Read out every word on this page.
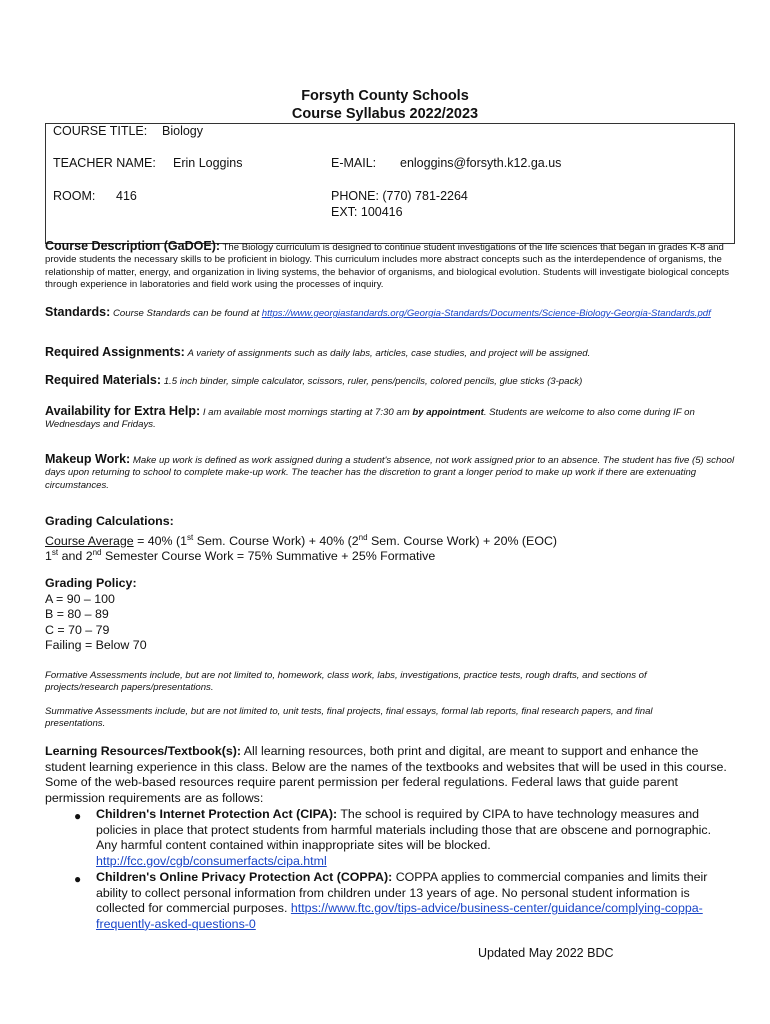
Forsyth County Schools
Course Syllabus 2022/2023
COURSE TITLE: Biology
TEACHER NAME: Erin Loggins	E-MAIL: enloggins@forsyth.k12.ga.us
ROOM: 416	PHONE: (770) 781-2264
EXT: 100416
Course Description (GaDOE): The Biology curriculum is designed to continue student investigations of the life sciences that began in grades K-8 and provide students the necessary skills to be proficient in biology. This curriculum includes more abstract concepts such as the interdependence of organisms, the relationship of matter, energy, and organization in living systems, the behavior of organisms, and biological evolution. Students will investigate biological concepts through experience in laboratories and field work using the processes of inquiry.
Standards: Course Standards can be found at https://www.georgiastandards.org/Georgia-Standards/Documents/Science-Biology-Georgia-Standards.pdf
Required Assignments: A variety of assignments such as daily labs, articles, case studies, and project will be assigned.
Required Materials: 1.5 inch binder, simple calculator, scissors, ruler, pens/pencils, colored pencils, glue sticks (3-pack)
Availability for Extra Help: I am available most mornings starting at 7:30 am by appointment. Students are welcome to also come during IF on Wednesdays and Fridays.
Makeup Work: Make up work is defined as work assigned during a student's absence, not work assigned prior to an absence. The student has five (5) school days upon returning to school to complete make-up work. The teacher has the discretion to grant a longer period to make up work if there are extenuating circumstances.
Grading Calculations:
Course Average = 40% (1st Sem. Course Work) + 40% (2nd Sem. Course Work) + 20% (EOC)
1st and 2nd Semester Course Work = 75% Summative + 25% Formative
Grading Policy:
A = 90 – 100
B = 80 – 89
C = 70 – 79
Failing = Below 70
Formative Assessments include, but are not limited to, homework, class work, labs, investigations, practice tests, rough drafts, and sections of projects/research papers/presentations.
Summative Assessments include, but are not limited to, unit tests, final projects, final essays, formal lab reports, final research papers, and final presentations.
Learning Resources/Textbook(s): All learning resources, both print and digital, are meant to support and enhance the student learning experience in this class. Below are the names of the textbooks and websites that will be used in this course. Some of the web-based resources require parent permission per federal regulations. Federal laws that guide parent permission requirements are as follows:
● Children's Internet Protection Act (CIPA): The school is required by CIPA to have technology measures and policies in place that protect students from harmful materials including those that are obscene and pornographic. Any harmful content contained within inappropriate sites will be blocked.
http://fcc.gov/cgb/consumerfacts/cipa.html
● Children's Online Privacy Protection Act (COPPA): COPPA applies to commercial companies and limits their ability to collect personal information from children under 13 years of age. No personal student information is collected for commercial purposes. https://www.ftc.gov/tips-advice/business-center/guidance/complying-coppa-frequently-asked-questions-0
Updated May 2022 BDC
